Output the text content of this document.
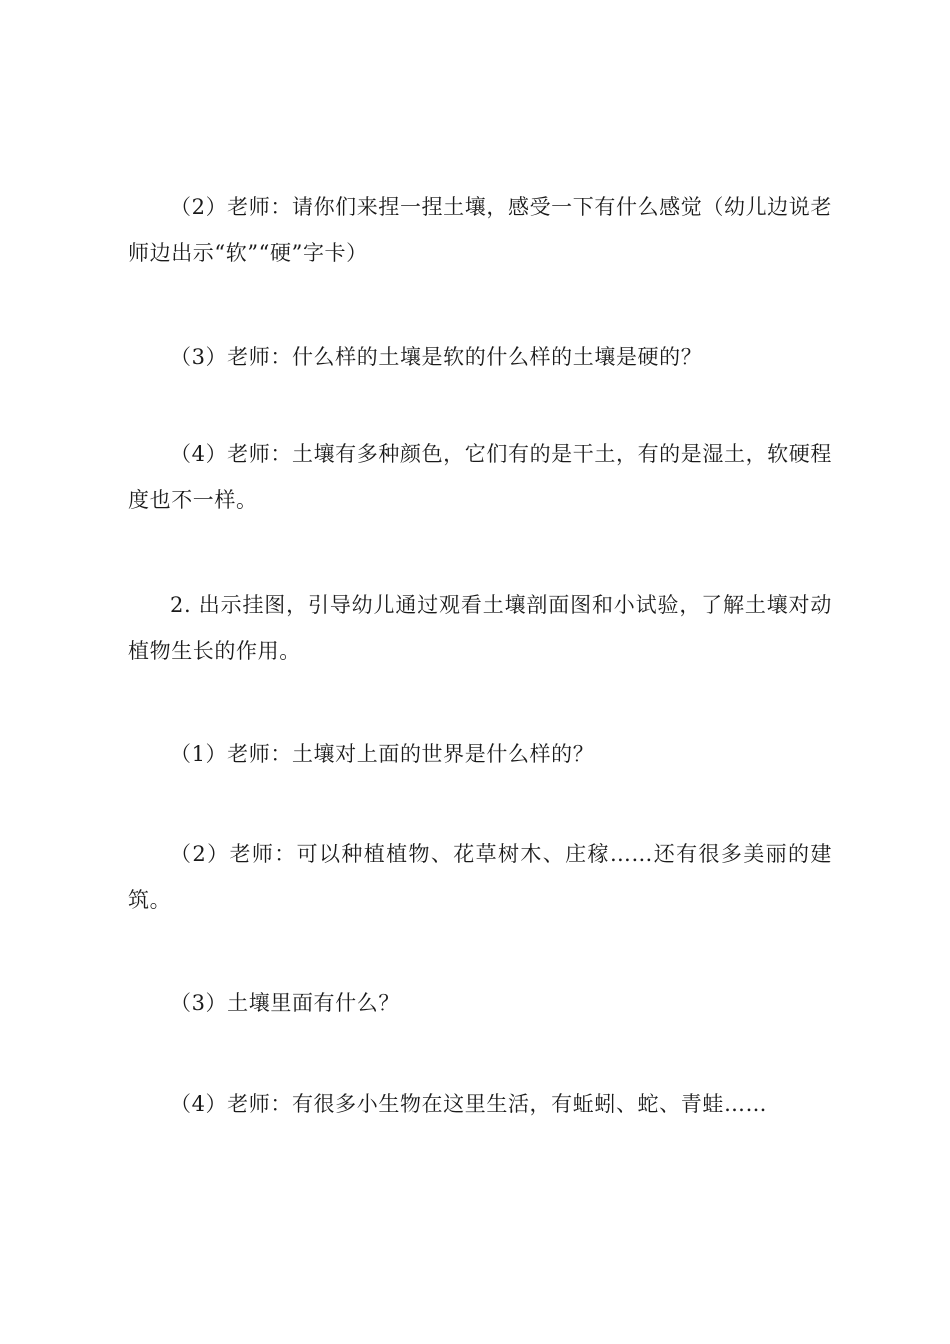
（2）老师：请你们来捏一捏土壤，感受一下有什么感觉（幼儿边说老师边出示“软”“硬”字卡）

（3）老师：什么样的土壤是软的什么样的土壤是硬的？

（4）老师：土壤有多种颜色，它们有的是干土，有的是湿土，软硬程度也不一样。

2. 出示挂图，引导幼儿通过观看土壤剖面图和小试验，了解土壤对动植物生长的作用。

（1）老师：土壤对上面的世界是什么样的？

（2）老师：可以种植植物、花草树木、庄稼……还有很多美丽的建筑。

（3）土壤里面有什么？

（4）老师：有很多小生物在这里生活，有蚯蚓、蛇、青蛙……
